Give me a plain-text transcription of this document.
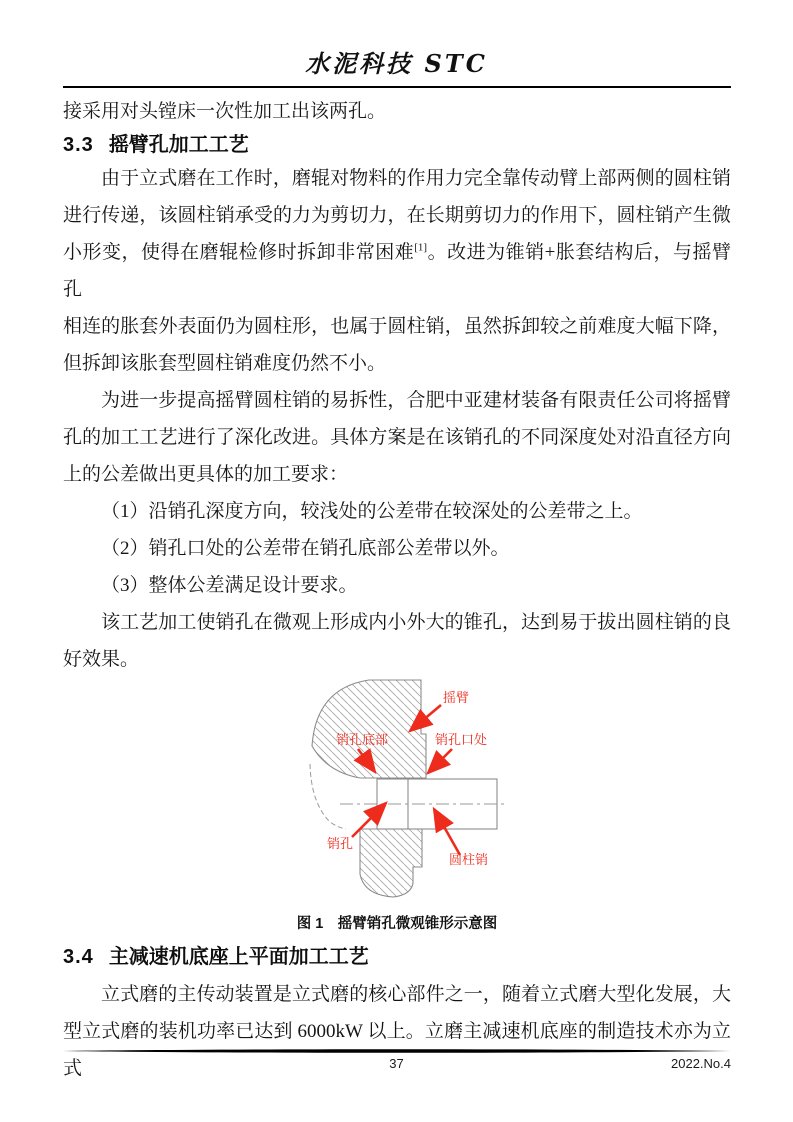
水泥科技 STC
接采用对头镗床一次性加工出该两孔。
3.3 摇臂孔加工工艺
由于立式磨在工作时，磨辊对物料的作用力完全靠传动臂上部两侧的圆柱销
进行传递，该圆柱销承受的力为剪切力，在长期剪切力的作用下，圆柱销产生微
小形变，使得在磨辊检修时拆卸非常困难[1]。改进为锥销+胀套结构后，与摇臂孔
相连的胀套外表面仍为圆柱形，也属于圆柱销，虽然拆卸较之前难度大幅下降，
但拆卸该胀套型圆柱销难度仍然不小。
为进一步提高摇臂圆柱销的易拆性，合肥中亚建材装备有限责任公司将摇臂
孔的加工工艺进行了深化改进。具体方案是在该销孔的不同深度处对沿直径方向
上的公差做出更具体的加工要求：
（1）沿销孔深度方向，较浅处的公差带在较深处的公差带之上。
（2）销孔口处的公差带在销孔底部公差带以外。
（3）整体公差满足设计要求。
该工艺加工使销孔在微观上形成内小外大的锥孔，达到易于拔出圆柱销的良
好效果。
摇臂
销孔口处
销孔底部
销孔
圆柱销
图 1　摇臂销孔微观锥形示意图
3.4 主减速机底座上平面加工工艺
立式磨的主传动装置是立式磨的核心部件之一，随着立式磨大型化发展，大
型立式磨的装机功率已达到 6000kW 以上。立磨主减速机底座的制造技术亦为立式	37	2022.No.4
